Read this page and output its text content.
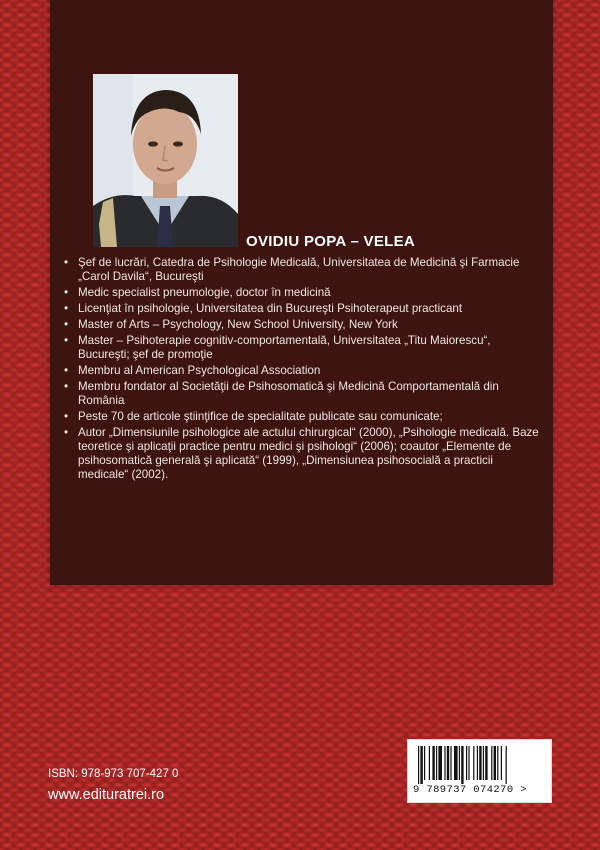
OVIDIU POPA – VELEA
• Şef de lucrări, Catedra de Psihologie Medicală, Universitatea de Medicină şi Farmacie „Carol Davila“, Bucureşti
• Medic specialist pneumologie, doctor în medicină
• Licenţiat în psihologie, Universitatea din Bucureşti Psihoterapeut practicant
• Master of Arts – Psychology, New School University, New York
• Master – Psihoterapie cognitiv-comportamentală, Universitatea „Titu Maiorescu“, Bucureşti; şef de promoţie
• Membru al American Psychological Association
• Membru fondator al Societăţii de Psihosomatică şi Medicină Comportamentală din România
• Peste 70 de articole ştiinţifice de specialitate publicate sau comunicate;
• Autor „Dimensiunile psihologice ale actului chirurgical“ (2000), „Psihologie medicală. Baze teoretice şi aplicaţii practice pentru medici şi psihologi“ (2006); coautor „Elemente de psihosomatică generală şi aplicată“ (1999), „Dimensiunea psihosocială a practicii medicale“ (2002).
ISBN: 978-973 707-427 0
www.edituratrei.ro	9 789737 074270 >
